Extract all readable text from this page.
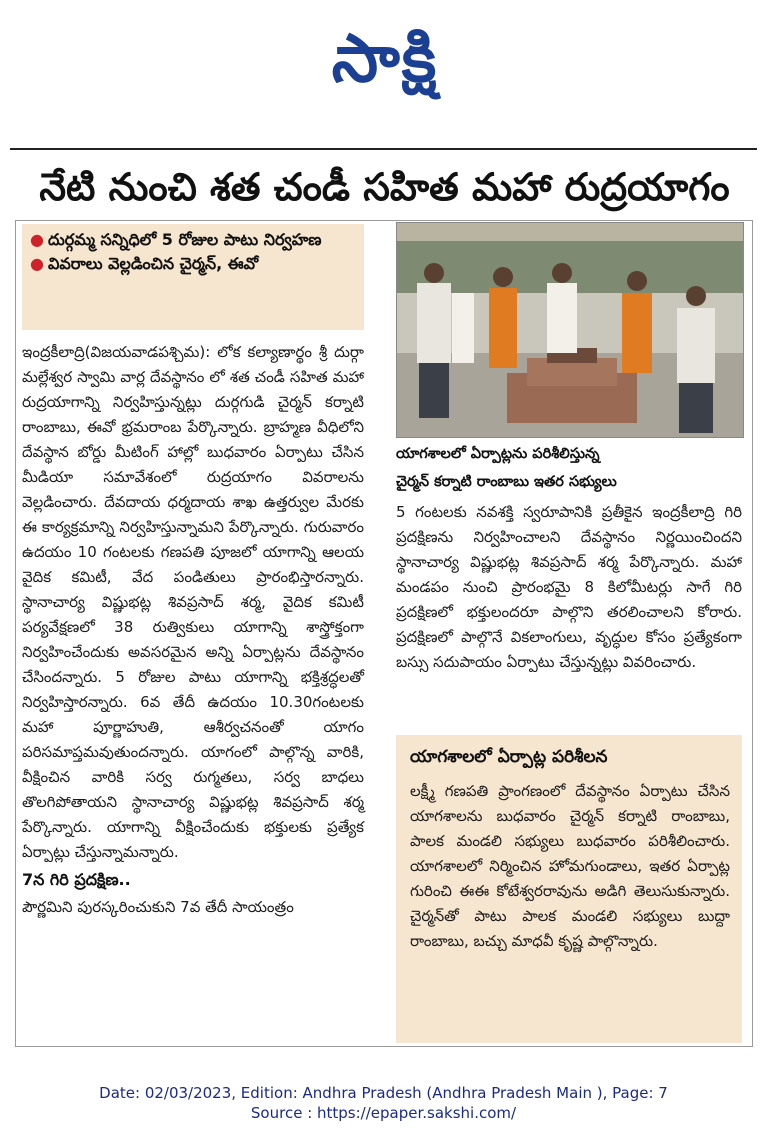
సాక్షి
నేటి నుంచి శత చండీ సహిత మహా రుద్రయాగం
● దుర్గమ్మ సన్నిధిలో 5 రోజుల పాటు నిర్వహణ
● వివరాలు వెల్లడించిన చైర్మన్, ఈవో

ఇంద్రకీలాద్రి(విజయవాడపశ్చిమ): లోక కల్యాణార్థం శ్రీ దుర్గా మల్లేశ్వర స్వామి వార్ల దేవస్థానం లో శత చండీ సహిత మహా రుద్రయాగాన్ని నిర్వహిస్తున్నట్లు దుర్గగుడి చైర్మన్ కర్నాటి రాంబాబు, ఈవో భ్రమరాంబ పేర్కొన్నారు. బ్రాహ్మణ వీధిలోని దేవస్థాన బోర్డు మీటింగ్ హాల్లో బుధవారం ఏర్పాటు చేసిన మీడియా సమావేశంలో రుద్రయాగం వివరాలను వెల్లడించారు. దేవదాయ ధర్మదాయ శాఖ ఉత్తర్వుల మేరకు ఈ కార్యక్రమాన్ని నిర్వహిస్తున్నామని పేర్కొన్నారు. గురువారం ఉదయం 10 గంటలకు గణపతి పూజలో యాగాన్ని ఆలయ వైదిక కమిటీ, వేద పండితులు ప్రారంభిస్తారన్నారు. స్థానాచార్య విష్ణుభట్ల శివప్రసాద్ శర్మ, వైదిక కమిటీ పర్యవేక్షణలో 38 రుత్వికులు యాగాన్ని శాస్త్రోక్తంగా నిర్వహించేందుకు అవసరమైన అన్ని ఏర్పాట్లను దేవస్థానం చేసిందన్నారు. 5 రోజుల పాటు యాగాన్ని భక్తిశ్రద్ధలతో నిర్వహిస్తారన్నారు. 6వ తేదీ ఉదయం 10.30గంటలకు మహా పూర్ణాహుతి, ఆశీర్వచనంతో యాగం పరిసమాప్తమవుతుందన్నారు. యాగంలో పాల్గొన్న వారికి, వీక్షించిన వారికి సర్వ రుగ్మతలు, సర్వ బాధలు తొలగిపోతాయని స్థానాచార్య విష్ణుభట్ల శివప్రసాద్ శర్మ పేర్కొన్నారు. యాగాన్ని వీక్షించేందుకు భక్తులకు ప్రత్యేక ఏర్పాట్లు చేస్తున్నామన్నారు.

7న గిరి ప్రదక్షిణ..

పౌర్ణమిని పురస్కరించుకుని 7వ తేదీ సాయంత్రం

యాగశాలలో ఏర్పాట్లను పరిశీలిస్తున్న
చైర్మన్ కర్నాటి రాంబాబు ఇతర సభ్యులు

5 గంటలకు నవశక్తి స్వరూపానికి ప్రతీకైన ఇంద్రకీలాద్రి గిరి ప్రదక్షిణను నిర్వహించాలని దేవస్థానం నిర్ణయించిందని స్థానాచార్య విష్ణుభట్ల శివప్రసాద్ శర్మ పేర్కొన్నారు. మహా మండపం నుంచి ప్రారంభమై 8 కిలోమీటర్లు సాగే గిరి ప్రదక్షిణలో భక్తులందరూ పాల్గొని తరలించాలని కోరారు. ప్రదక్షిణలో పాల్గొనే వికలాంగులు, వృద్ధుల కోసం ప్రత్యేకంగా బస్సు సదుపాయం ఏర్పాటు చేస్తున్నట్లు వివరించారు.

యాగశాలలో ఏర్పాట్ల పరిశీలన

లక్ష్మీ గణపతి ప్రాంగణంలో దేవస్థానం ఏర్పాటు చేసిన యాగశాలను బుధవారం చైర్మన్ కర్నాటి రాంబాబు, పాలక మండలి సభ్యులు బుధవారం పరిశీలించారు. యాగశాలలో నిర్మించిన హోమగుండాలు, ఇతర ఏర్పాట్ల గురించి ఈఈ కోటేశ్వరరావును అడిగి తెలుసుకున్నారు. చైర్మన్‌తో పాటు పాలక మండలి సభ్యులు బుద్దా రాంబాబు, బచ్చు మాధవీ కృష్ణ పాల్గొన్నారు.

Date: 02/03/2023, Edition: Andhra Pradesh (Andhra Pradesh Main ), Page: 7
Source : https://epaper.sakshi.com/
